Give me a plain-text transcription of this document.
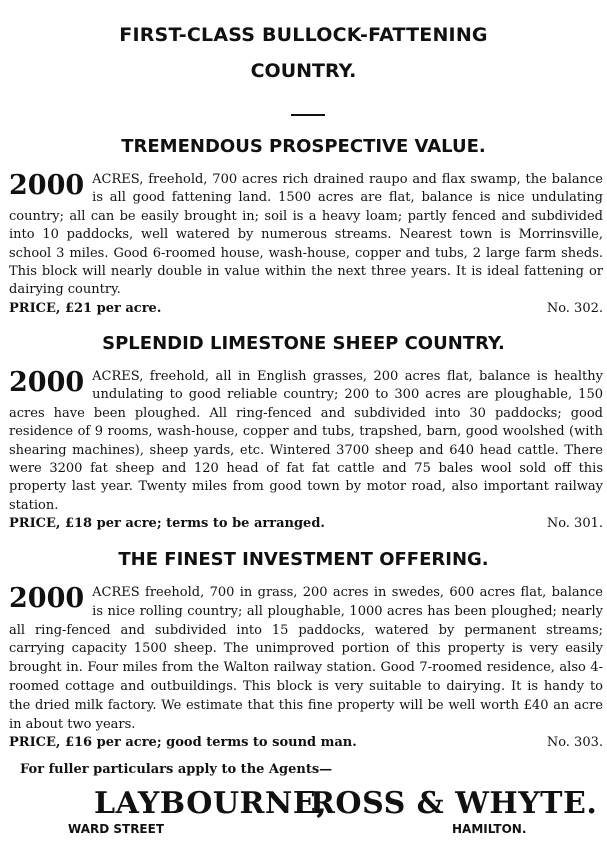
FIRST-CLASS BULLOCK-FATTENING
COUNTRY.
TREMENDOUS PROSPECTIVE VALUE.
2000 ACRES, freehold, 700 acres rich drained raupo and flax swamp, the balance is all good fattening land. 1500 acres are flat, balance is nice undulating country; all can be easily brought in; soil is a heavy loam; partly fenced and subdivided into 10 paddocks, well watered by numerous streams. Nearest town is Morrinsville, school 3 miles. Good 6-roomed house, wash-house, copper and tubs, 2 large farm sheds. This block will nearly double in value within the next three years. It is ideal fattening or dairying country.
PRICE, £21 per acre.	No. 302.
SPLENDID LIMESTONE SHEEP COUNTRY.
2000 ACRES, freehold, all in English grasses, 200 acres flat, balance is healthy undulating to good reliable country; 200 to 300 acres are ploughable, 150 acres have been ploughed. All ring-fenced and subdivided into 30 paddocks; good residence of 9 rooms, wash-house, copper and tubs, trapshed, barn, good woolshed (with shearing machines), sheep yards, etc. Wintered 3700 sheep and 640 head cattle. There were 3200 fat sheep and 120 head of fat fat cattle and 75 bales wool sold off this property last year. Twenty miles from good town by motor road, also important railway station.
PRICE, £18 per acre; terms to be arranged.	No. 301.
THE FINEST INVESTMENT OFFERING.
2000 ACRES freehold, 700 in grass, 200 acres in swedes, 600 acres flat, balance is nice rolling country; all ploughable, 1000 acres has been ploughed; nearly all ring-fenced and subdivided into 15 paddocks, watered by permanent streams; carrying capacity 1500 sheep. The unimproved portion of this property is very easily brought in. Four miles from the Walton railway station. Good 7-roomed residence, also 4-roomed cottage and outbuildings. This block is very suitable to dairying. It is handy to the dried milk factory. We estimate that this fine property will be well worth £40 an acre in about two years.
PRICE, £16 per acre; good terms to sound man.	No. 303.
For fuller particulars apply to the Agents—
LAYBOURNE,
ROSS & WHYTE.
WARD STREET	HAMILTON.
